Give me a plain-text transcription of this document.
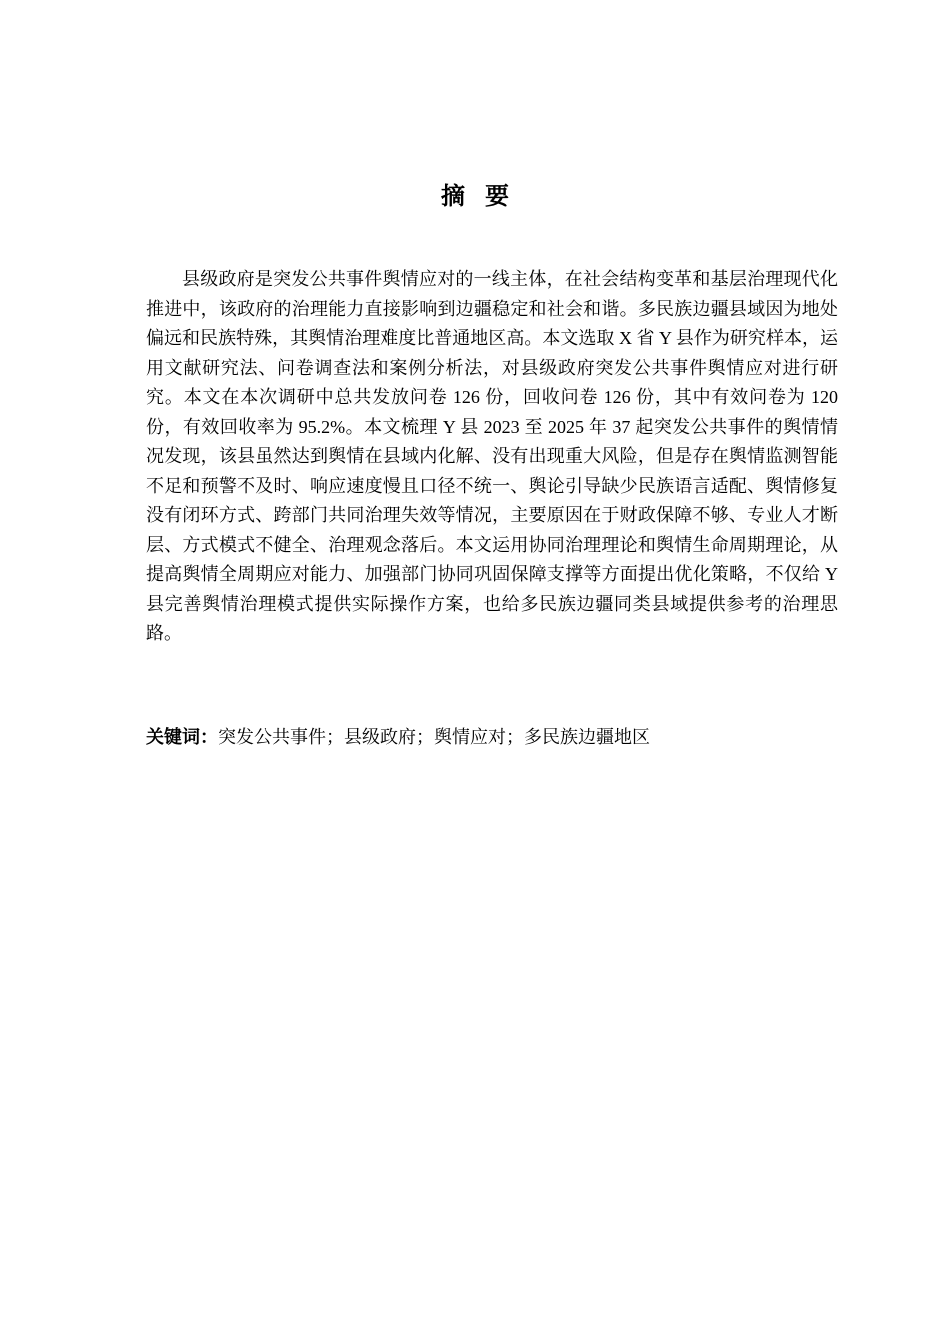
摘 要

县级政府是突发公共事件舆情应对的一线主体，在社会结构变革和基层治理现代化推进中，该政府的治理能力直接影响到边疆稳定和社会和谐。多民族边疆县域因为地处偏远和民族特殊，其舆情治理难度比普通地区高。本文选取 X 省 Y 县作为研究样本，运用文献研究法、问卷调查法和案例分析法，对县级政府突发公共事件舆情应对进行研究。本文在本次调研中总共发放问卷 126 份，回收问卷 126 份，其中有效问卷为 120 份，有效回收率为 95.2%。本文梳理 Y 县 2023 至 2025 年 37 起突发公共事件的舆情情况发现，该县虽然达到舆情在县域内化解、没有出现重大风险，但是存在舆情监测智能不足和预警不及时、响应速度慢且口径不统一、舆论引导缺少民族语言适配、舆情修复没有闭环方式、跨部门共同治理失效等情况，主要原因在于财政保障不够、专业人才断层、方式模式不健全、治理观念落后。本文运用协同治理理论和舆情生命周期理论，从提高舆情全周期应对能力、加强部门协同巩固保障支撑等方面提出优化策略，不仅给 Y 县完善舆情治理模式提供实际操作方案，也给多民族边疆同类县域提供参考的治理思路。

关键词：突发公共事件；县级政府；舆情应对；多民族边疆地区
